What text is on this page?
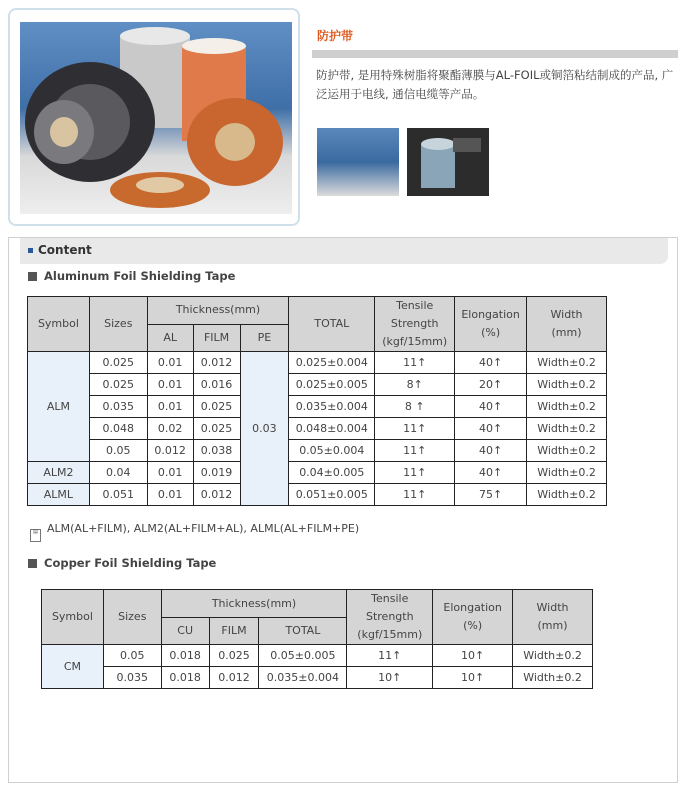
防护带
防护带, 是用特殊树脂将聚酯薄膜与AL-FOIL或铜箔粘结制成的产品, 广泛运用于电线, 通信电缆等产品。
Content
Aluminum Foil Shielding Tape
Symbol	Sizes	Thickness(mm)			TOTAL	Tensile
Strength
(kgf/15mm)	Elongation
(%)	Width
(mm)
		AL	FILM	PE				
ALM	0.025	0.01	0.012	0.03	0.025±0.004	11↑	40↑	Width±0.2
	0.025	0.01	0.016		0.025±0.005	8↑	20↑	Width±0.2
	0.035	0.01	0.025		0.035±0.004	8 ↑	40↑	Width±0.2
	0.048	0.02	0.025		0.048±0.004	11↑	40↑	Width±0.2
	0.05	0.012	0.038		0.05±0.004	11↑	40↑	Width±0.2
ALM2	0.04	0.01	0.019		0.04±0.005	11↑	40↑	Width±0.2
ALML	0.051	0.01	0.012		0.051±0.005	11↑	75↑	Width±0.2
▤ ALM(AL+FILM), ALM2(AL+FILM+AL), ALML(AL+FILM+PE)
Copper Foil Shielding Tape
Symbol	Sizes	Thickness(mm)			Tensile
Strength
(kgf/15mm)	Elongation
(%)	Width
(mm)
		CU	FILM	TOTAL			
CM	0.05	0.018	0.025	0.05±0.005	11↑	10↑	Width±0.2
	0.035	0.018	0.012	0.035±0.004	10↑	10↑	Width±0.2
